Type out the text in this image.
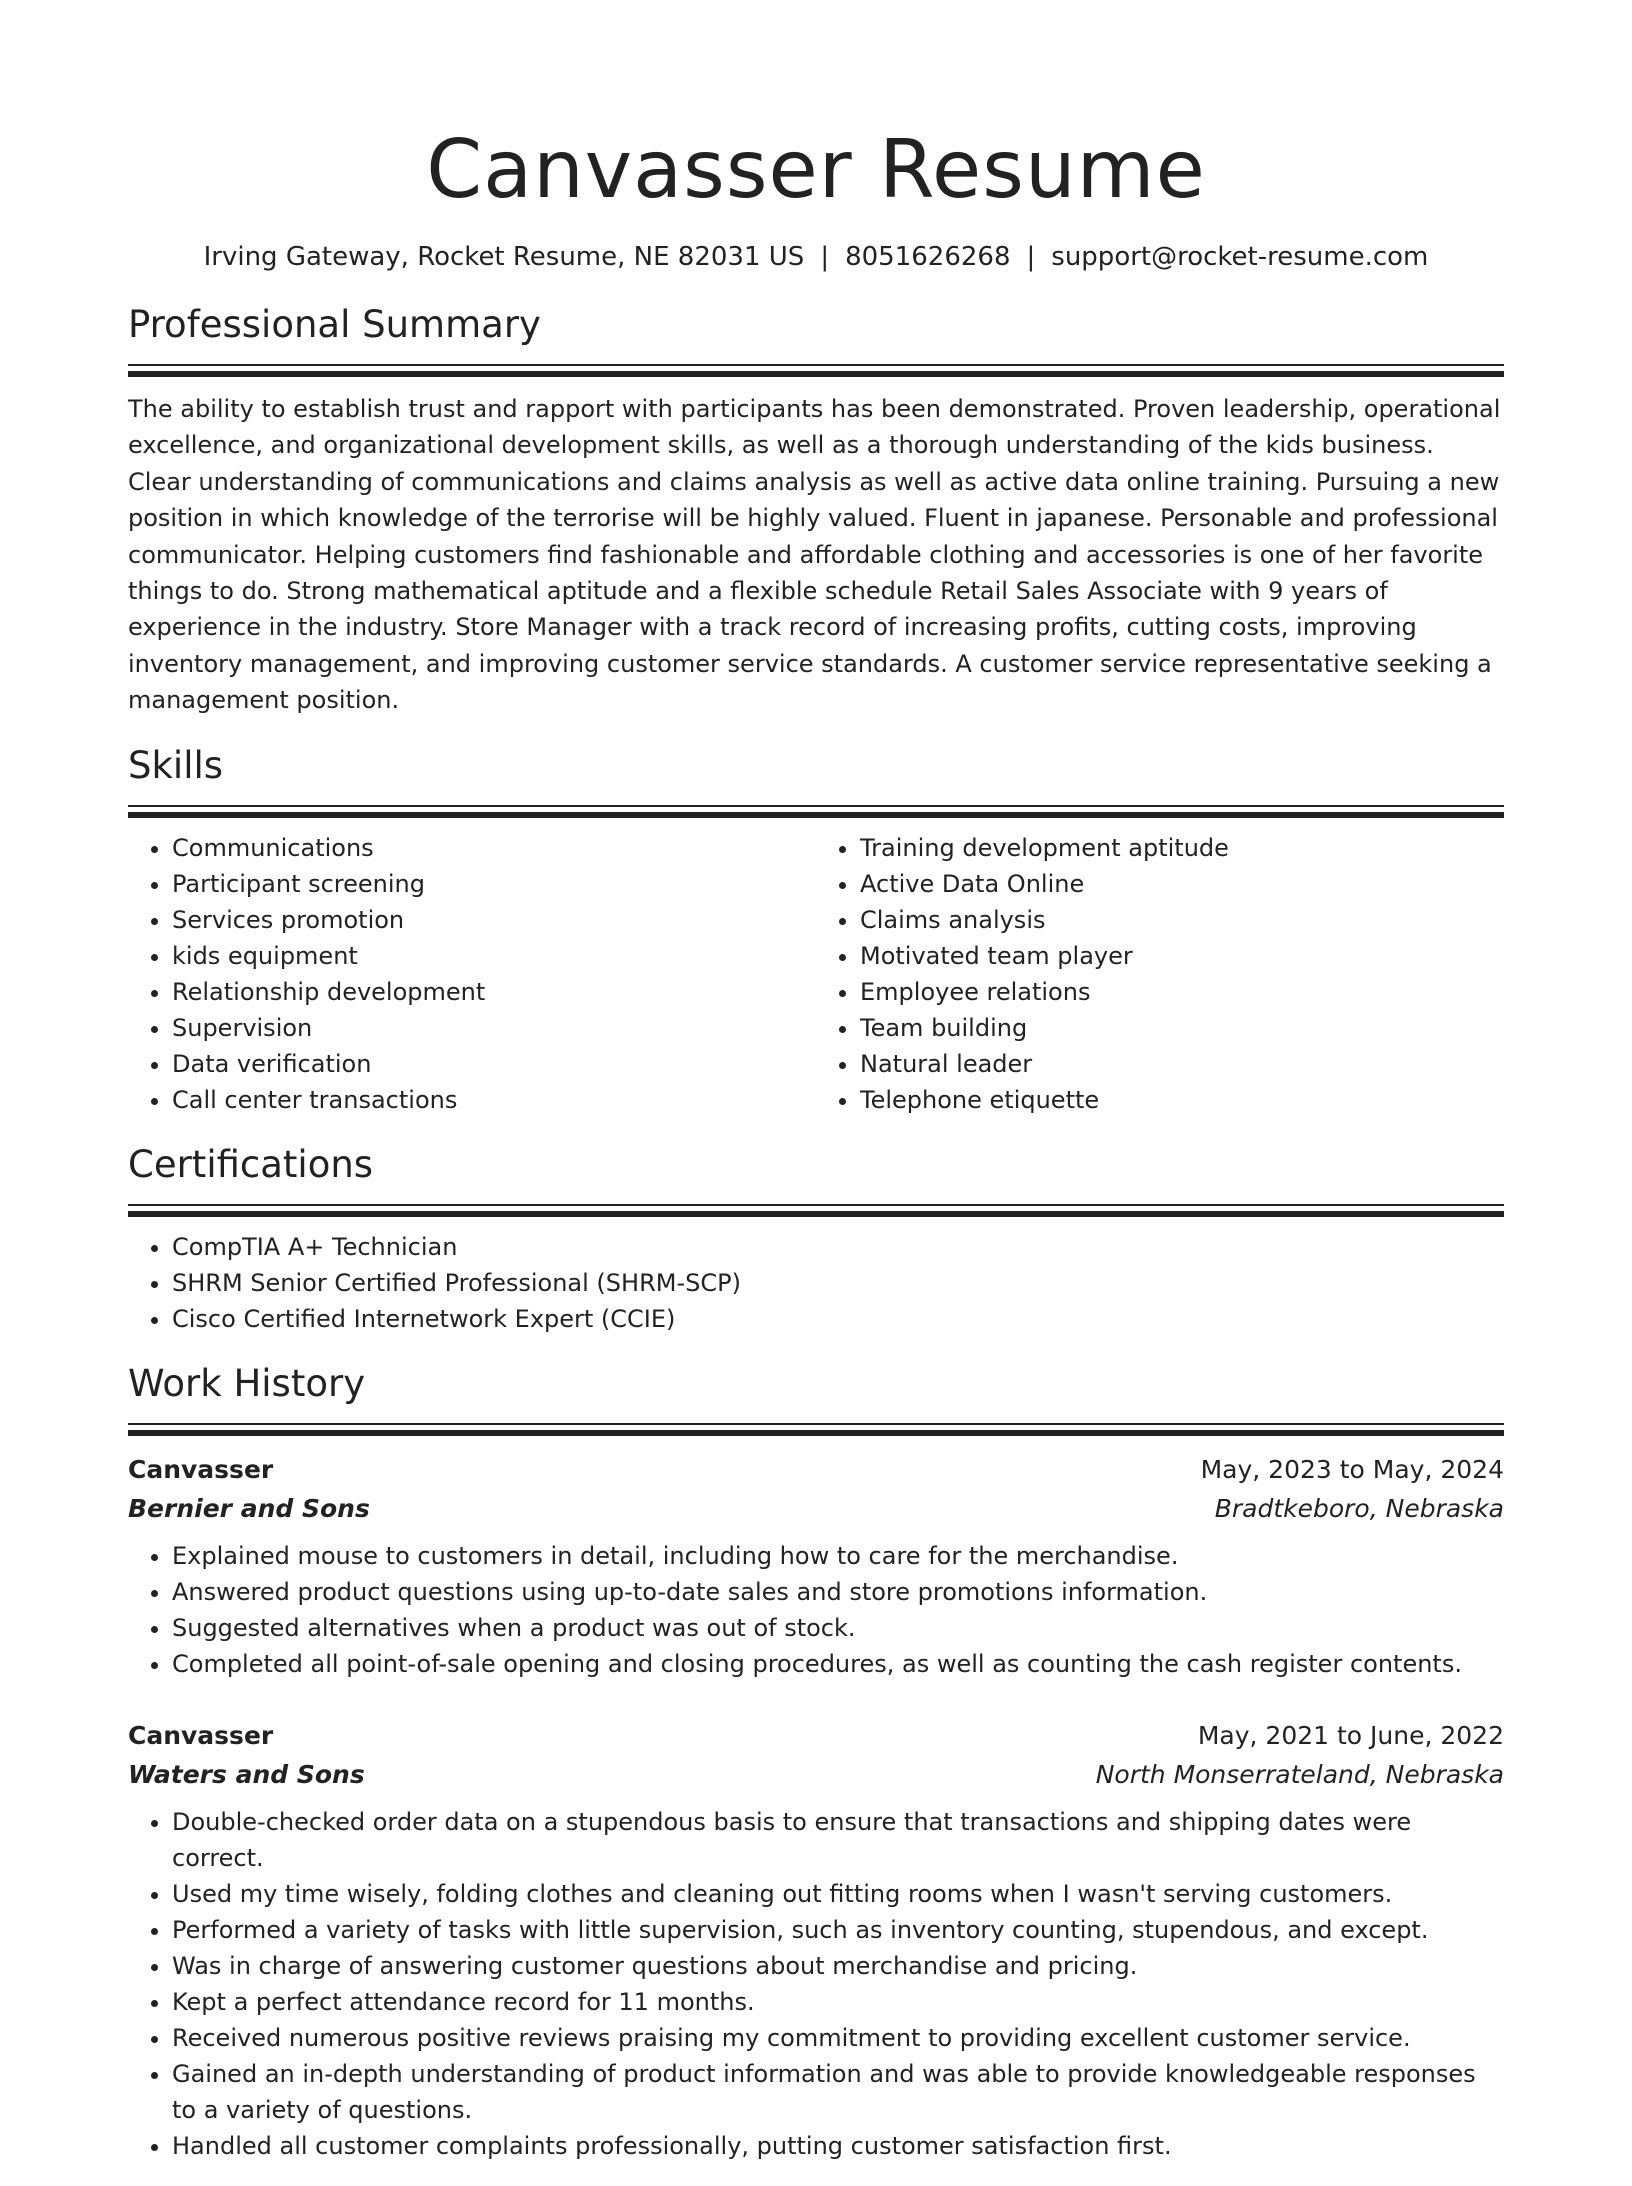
Canvasser Resume
Irving Gateway, Rocket Resume, NE 82031 US | 8051626268 | support@rocket-resume.com
Professional Summary

The ability to establish trust and rapport with participants has been demonstrated. Proven leadership, operational excellence, and organizational development skills, as well as a thorough understanding of the kids business. Clear understanding of communications and claims analysis as well as active data online training. Pursuing a new position in which knowledge of the terrorise will be highly valued. Fluent in japanese. Personable and professional communicator. Helping customers find fashionable and affordable clothing and accessories is one of her favorite things to do. Strong mathematical aptitude and a flexible schedule Retail Sales Associate with 9 years of experience in the industry. Store Manager with a track record of increasing profits, cutting costs, improving inventory management, and improving customer service standards. A customer service representative seeking a management position.

Skills
• Communications
• Participant screening
• Services promotion
• kids equipment
• Relationship development
• Supervision
• Data verification
• Call center transactions
• Training development aptitude
• Active Data Online
• Claims analysis
• Motivated team player
• Employee relations
• Team building
• Natural leader
• Telephone etiquette
Certifications
• CompTIA A+ Technician
• SHRM Senior Certified Professional (SHRM-SCP)
• Cisco Certified Internetwork Expert (CCIE)
Work History
Canvasser	May, 2023 to May, 2024
Bernier and Sons	Bradtkeboro, Nebraska
• Explained mouse to customers in detail, including how to care for the merchandise.
• Answered product questions using up-to-date sales and store promotions information.
• Suggested alternatives when a product was out of stock.
• Completed all point-of-sale opening and closing procedures, as well as counting the cash register contents.
Canvasser	May, 2021 to June, 2022
Waters and Sons	North Monserrateland, Nebraska
• Double-checked order data on a stupendous basis to ensure that transactions and shipping dates were correct.
• Used my time wisely, folding clothes and cleaning out fitting rooms when I wasn't serving customers.
• Performed a variety of tasks with little supervision, such as inventory counting, stupendous, and except.
• Was in charge of answering customer questions about merchandise and pricing.
• Kept a perfect attendance record for 11 months.
• Received numerous positive reviews praising my commitment to providing excellent customer service.
• Gained an in-depth understanding of product information and was able to provide knowledgeable responses to a variety of questions.
• Handled all customer complaints professionally, putting customer satisfaction first.
